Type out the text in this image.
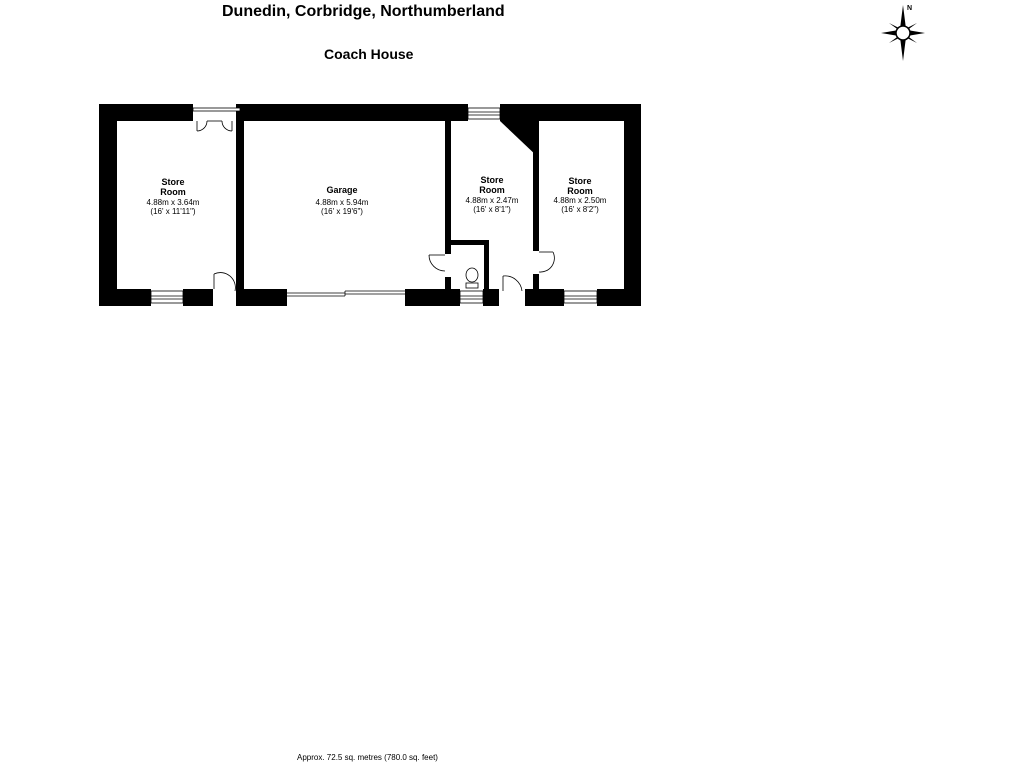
Dunedin, Corbridge, Northumberland
Coach House
Store
Room
4.88m x 3.64m
(16' x 11'11")
Garage
4.88m x 5.94m
(16' x 19'6")
Store
Room
4.88m x 2.47m
(16' x 8'1")
Store
Room
4.88m x 2.50m
(16' x 8'2")
N
Approx. 72.5 sq. metres (780.0 sq. feet)
